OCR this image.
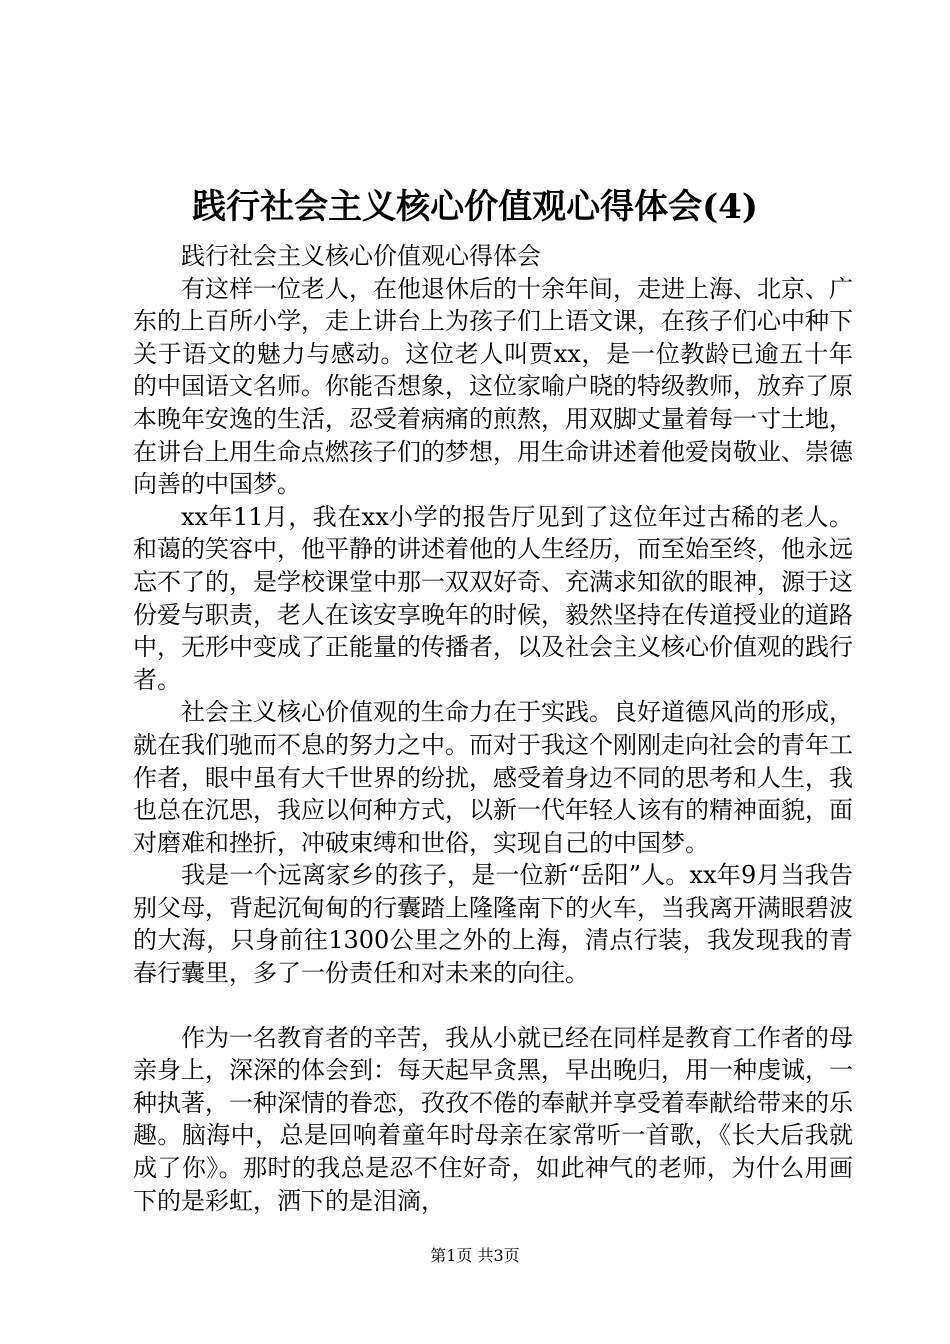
践行社会主义核心价值观心得体会(4)

践行社会主义核心价值观心得体会

有这样一位老人，在他退休后的十余年间，走进上海、北京、广东的上百所小学，走上讲台上为孩子们上语文课，在孩子们心中种下关于语文的魅力与感动。这位老人叫贾xx，是一位教龄已逾五十年的中国语文名师。你能否想象，这位家喻户晓的特级教师，放弃了原本晚年安逸的生活，忍受着病痛的煎熬，用双脚丈量着每一寸土地，在讲台上用生命点燃孩子们的梦想，用生命讲述着他爱岗敬业、崇德向善的中国梦。

xx年11月，我在xx小学的报告厅见到了这位年过古稀的老人。和蔼的笑容中，他平静的讲述着他的人生经历，而至始至终，他永远忘不了的，是学校课堂中那一双双好奇、充满求知欲的眼神，源于这份爱与职责，老人在该安享晚年的时候，毅然坚持在传道授业的道路中，无形中变成了正能量的传播者，以及社会主义核心价值观的践行者。

社会主义核心价值观的生命力在于实践。良好道德风尚的形成，就在我们驰而不息的努力之中。而对于我这个刚刚走向社会的青年工作者，眼中虽有大千世界的纷扰，感受着身边不同的思考和人生，我也总在沉思，我应以何种方式，以新一代年轻人该有的精神面貌，面对磨难和挫折，冲破束缚和世俗，实现自己的中国梦。

我是一个远离家乡的孩子，是一位新“岳阳”人。xx年9月当我告别父母，背起沉甸甸的行囊踏上隆隆南下的火车，当我离开满眼碧波的大海，只身前往1300公里之外的上海，清点行装，我发现我的青春行囊里，多了一份责任和对未来的向往。

作为一名教育者的辛苦，我从小就已经在同样是教育工作者的母亲身上，深深的体会到：每天起早贪黑，早出晚归，用一种虔诚，一种执著，一种深情的眷恋，孜孜不倦的奉献并享受着奉献给带来的乐趣。脑海中，总是回响着童年时母亲在家常听一首歌，《长大后我就成了你》。那时的我总是忍不住好奇，如此神气的老师，为什么用画下的是彩虹，洒下的是泪滴，

第1页 共3页
